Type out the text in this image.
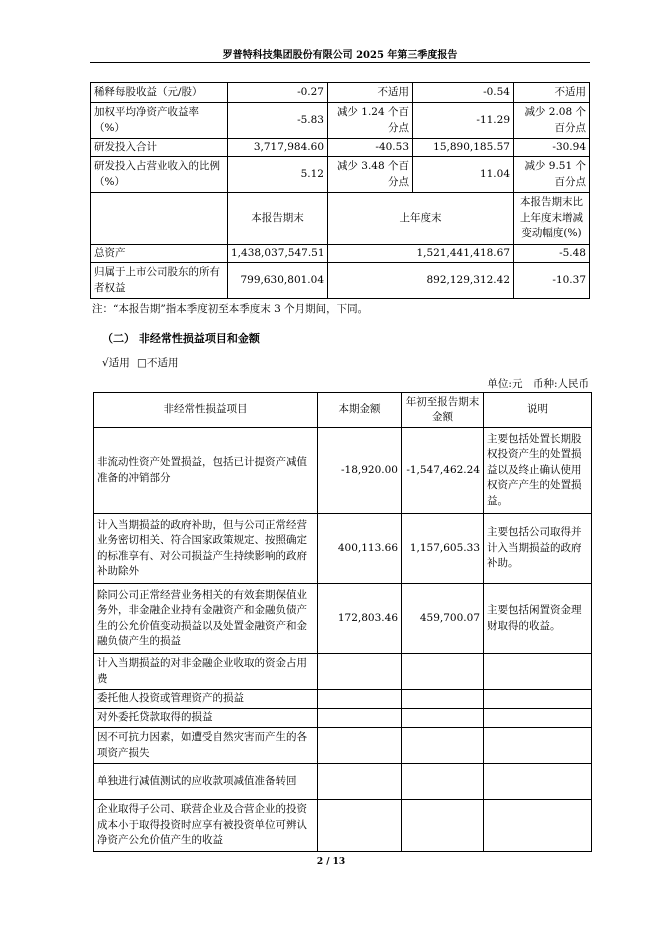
罗普特科技集团股份有限公司 2025 年第三季度报告
稀释每股收益（元/股）	-0.27	不适用	-0.54	不适用
加权平均净资产收益率（%）	-5.83	减少 1.24 个百分点	-11.29	减少 2.08 个百分点
研发投入合计	3,717,984.60	-40.53	15,890,185.57	-30.94
研发投入占营业收入的比例（%）	5.12	减少 3.48 个百分点	11.04	减少 9.51 个百分点
	本报告期末	上年度末		本报告期末比上年度末增减变动幅度(%)
总资产	1,438,037,547.51	1,521,441,418.67		-5.48
归属于上市公司股东的所有者权益	799,630,801.04	892,129,312.42		-10.37
注：“本报告期”指本季度初至本季度末 3 个月期间，下同。
（二） 非经常性损益项目和金额
√适用 □不适用
单位:元　币种:人民币
非经常性损益项目	本期金额	年初至报告期末金额	说明
非流动性资产处置损益，包括已计提资产减值准备的冲销部分	-18,920.00	-1,547,462.24	主要包括处置长期股权投资产生的处置损益以及终止确认使用权资产产生的处置损益。
计入当期损益的政府补助，但与公司正常经营业务密切相关、符合国家政策规定、按照确定的标准享有、对公司损益产生持续影响的政府补助除外	400,113.66	1,157,605.33	主要包括公司取得并计入当期损益的政府补助。
除同公司正常经营业务相关的有效套期保值业务外，非金融企业持有金融资产和金融负债产生的公允价值变动损益以及处置金融资产和金融负债产生的损益	172,803.46	459,700.07	主要包括闲置资金理财取得的收益。
计入当期损益的对非金融企业收取的资金占用费			
委托他人投资或管理资产的损益			
对外委托贷款取得的损益			
因不可抗力因素，如遭受自然灾害而产生的各项资产损失			
单独进行减值测试的应收款项减值准备转回			
企业取得子公司、联营企业及合营企业的投资成本小于取得投资时应享有被投资单位可辨认净资产公允价值产生的收益			
2 / 13
